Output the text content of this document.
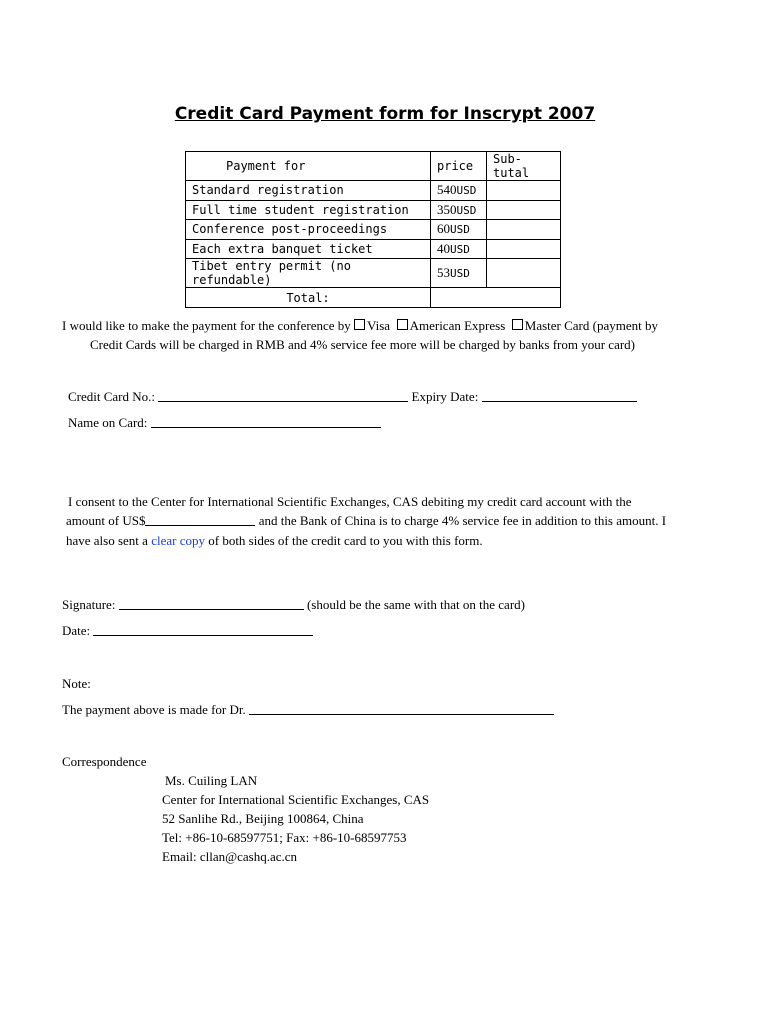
Credit Card Payment form for Inscrypt 2007
Payment for	price	Sub-tutal
Standard registration	540USD	
Full time student registration	350USD	
Conference post-proceedings	60USD	
Each extra banquet ticket	40USD	
Tibet entry permit (no refundable)	53USD	
Total:		
I would like to make the payment for the conference by Visa American Express Master Card (payment by
Credit Cards will be charged in RMB and 4% service fee more will be charged by banks from your card)
Credit Card No.:	Expiry Date:
Name on Card:
I consent to the Center for International Scientific Exchanges, CAS debiting my credit card account with the
amount of US$	and the Bank of China is to charge 4% service fee in addition to this amount. I
have also sent a clear copy of both sides of the credit card to you with this form.
Signature:	(should be the same with that on the card)
Date:
Note:
The payment above is made for Dr.
Correspondence
Ms. Cuiling LAN
Center for International Scientific Exchanges, CAS
52 Sanlihe Rd., Beijing 100864, China
Tel: +86-10-68597751; Fax: +86-10-68597753
Email: cllan@cashq.ac.cn
